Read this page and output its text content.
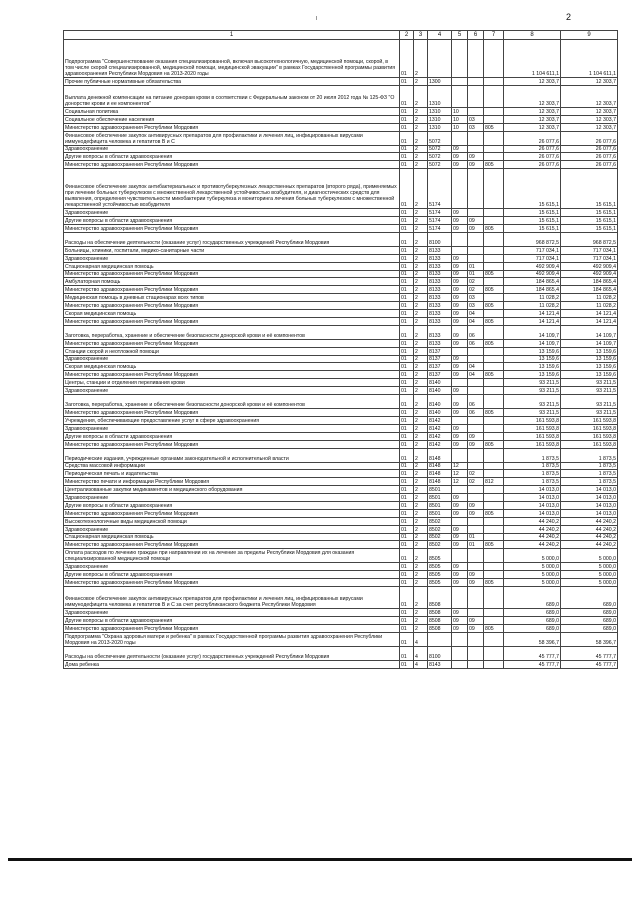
2
1	2	3	4	5	6	7	8	9
Подпрограмма "Совершенствование оказания специализированной, включая высокотехнологичную, медицинской помощи, скорой, в том числе скорой специализированной, медицинской помощи, медицинской эвакуации" в рамках Государственной программы развития здравоохранения Республики Мордовия на 2013-2020 годы	01	2					1 104 611,1	1 104 611,1
Прочие публичные нормативные обязательства	01	2	1300				12 303,7	12 303,7
Выплата денежной компенсации на питание донорам крови в соответствии с Федеральным законом от 20 июля 2012 года № 125-ФЗ "О донорстве крови и ее компонентов"	01	2	1310				12 303,7	12 303,7
Социальная политика	01	2	1310	10			12 303,7	12 303,7
Социальное обеспечение населения	01	2	1310	10	03		12 303,7	12 303,7
Министерство здравоохранения Республики Мордовия	01	2	1310	10	03	805	12 303,7	12 303,7
Финансовое обеспечение закупок антивирусных препаратов для профилактики и лечения лиц, инфицированных вирусами иммунодефицита человека и гепатитов В и С	01	2	5072				26 077,6	26 077,6
Здравоохранение	01	2	5072	09			26 077,6	26 077,6
Другие вопросы в области здравоохранения	01	2	5072	09	09		26 077,6	26 077,6
Министерство здравоохранения Республики Мордовия	01	2	5072	09	09	805	26 077,6	26 077,6
Финансовое обеспечение закупок антибактериальных и противотуберкулезных лекарственных препаратов (второго ряда), применяемых при лечении больных туберкулезом с множественной лекарственной устойчивостью возбудителя, и диагностических средств для выявления, определения чувствительности микобактерии туберкулеза и мониторинга лечения больных туберкулезом с множественной лекарственной устойчивостью возбудителя	01	2	5174				15 615,1	15 615,1
Здравоохранение	01	2	5174	09			15 615,1	15 615,1
Другие вопросы в области здравоохранения	01	2	5174	09	09		15 615,1	15 615,1
Министерство здравоохранения Республики Мордовия	01	2	5174	09	09	805	15 615,1	15 615,1
Расходы на обеспечение деятельности (оказание услуг) государственных учреждений Республики Мордовия	01	2	8100				968 872,5	968 872,5
Больницы, клиники, госпитали, медико-санитарные части	01	2	8133				717 034,1	717 034,1
Здравоохранение	01	2	8133	09			717 034,1	717 034,1
Стационарная медицинская помощь	01	2	8133	09	01		492 909,4	492 909,4
Министерство здравоохранения Республики Мордовия	01	2	8133	09	01	805	492 909,4	492 909,4
Амбулаторная помощь	01	2	8133	09	02		184 865,4	184 865,4
Министерство здравоохранения Республики Мордовия	01	2	8133	09	02	805	184 865,4	184 865,4
Медицинская помощь в дневных стационарах всех типов	01	2	8133	09	03		11 028,2	11 028,2
Министерство здравоохранения Республики Мордовия	01	2	8133	09	03	805	11 028,2	11 028,2
Скорая медицинская помощь	01	2	8133	09	04		14 121,4	14 121,4
Министерство здравоохранения Республики Мордовия	01	2	8133	09	04	805	14 121,4	14 121,4
Заготовка, переработка, хранение и обеспечение безопасности донорской крови и её компонентов	01	2	8133	09	06		14 109,7	14 109,7
Министерство здравоохранения Республики Мордовия	01	2	8133	09	06	805	14 109,7	14 109,7
Станции скорой и неотложной помощи	01	2	8137				13 159,6	13 159,6
Здравоохранение	01	2	8137	09			13 159,6	13 159,6
Скорая медицинская помощь	01	2	8137	09	04		13 159,6	13 159,6
Министерство здравоохранения Республики Мордовия	01	2	8137	09	04	805	13 159,6	13 159,6
Центры, станции и отделения переливания крови	01	2	8140				93 211,5	93 211,5
Здравоохранение	01	2	8140	09			93 211,5	93 211,5
Заготовка, переработка, хранение и обеспечение безопасности донорской крови и её компонентов	01	2	8140	09	06		93 211,5	93 211,5
Министерство здравоохранения Республики Мордовия	01	2	8140	09	06	805	93 211,5	93 211,5
Учреждения, обеспечивающие предоставление услуг в сфере здравоохранения	01	2	8142				161 593,8	161 593,8
Здравоохранение	01	2	8142	09			161 593,8	161 593,8
Другие вопросы в области здравоохранения	01	2	8142	09	09		161 593,8	161 593,8
Министерство здравоохранения Республики Мордовия	01	2	8142	09	09	805	161 593,8	161 593,8
Периодические издания, учрежденные органами законодательной и исполнительной власти	01	2	8148				1 873,5	1 873,5
Средства массовой информации	01	2	8148	12			1 873,5	1 873,5
Периодическая печать и издательства	01	2	8148	12	02		1 873,5	1 873,5
Министерство печати и информации Республики Мордовия	01	2	8148	12	02	812	1 873,5	1 873,5
Централизованные закупки медикаментов и медицинского оборудования	01	2	8501				14 013,0	14 013,0
Здравоохранение	01	2	8501	09			14 013,0	14 013,0
Другие вопросы в области здравоохранения	01	2	8501	09	09		14 013,0	14 013,0
Министерство здравоохранения Республики Мордовия	01	2	8501	09	09	805	14 013,0	14 013,0
Высокотехнологичные виды медицинской помощи	01	2	8502				44 240,2	44 240,2
Здравоохранение	01	2	8502	09			44 240,2	44 240,2
Стационарная медицинская помощь	01	2	8502	09	01		44 240,2	44 240,2
Министерство здравоохранения Республики Мордовия	01	2	8502	09	01	805	44 240,2	44 240,2
Оплата расходов по лечению граждан при направлении их на лечение за пределы Республики Мордовия для оказания специализированной медицинской помощи	01	2	8505				5 000,0	5 000,0
Здравоохранение	01	2	8505	09			5 000,0	5 000,0
Другие вопросы в области здравоохранения	01	2	8505	09	09		5 000,0	5 000,0
Министерство здравоохранения Республики Мордовия	01	2	8505	09	09	805	5 000,0	5 000,0
Финансовое обеспечение закупок антивирусных препаратов для профилактики и лечения лиц, инфицированных вирусами иммунодефицита человека и гепатитов В и С за счет республиканского бюджета Республики Мордовия	01	2	8508				689,0	689,0
Здравоохранение	01	2	8508	09			689,0	689,0
Другие вопросы в области здравоохранения	01	2	8508	09	09		689,0	689,0
Министерство здравоохранения Республики Мордовия	01	2	8508	09	09	805	689,0	689,0
Подпрограмма "Охрана здоровья матери и ребенка" в рамках Государственной программы развития здравоохранения Республики Мордовия на 2013-2020 годы	01	4					58 396,7	58 396,7
Расходы на обеспечение деятельности (оказание услуг) государственных учреждений Республики Мордовия	01	4	8100				45 777,7	45 777,7
Дома ребенка	01	4	8143				45 777,7	45 777,7
